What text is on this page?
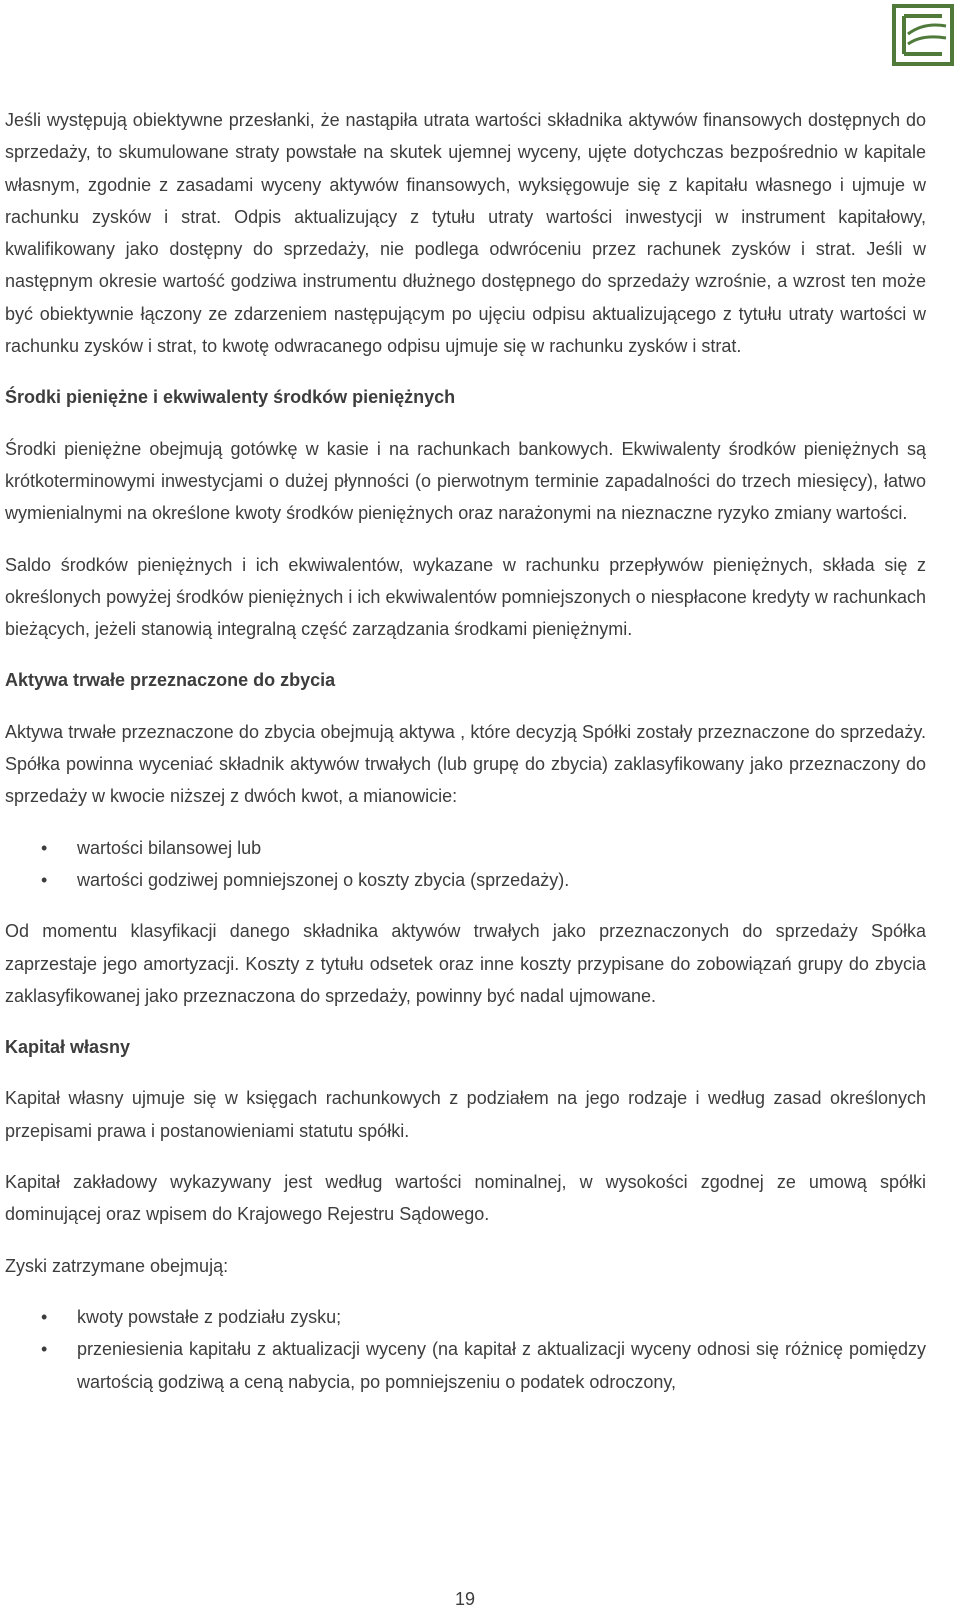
Jeśli występują obiektywne przesłanki, że nastąpiła utrata wartości składnika aktywów finansowych dostępnych do sprzedaży, to skumulowane straty powstałe na skutek ujemnej wyceny, ujęte dotychczas bezpośrednio w kapitale własnym, zgodnie z zasadami wyceny aktywów finansowych, wyksięgowuje się z kapitału własnego i ujmuje w rachunku zysków i strat. Odpis aktualizujący z tytułu utraty wartości inwestycji w instrument kapitałowy, kwalifikowany jako dostępny do sprzedaży, nie podlega odwróceniu przez rachunek zysków i strat. Jeśli w następnym okresie wartość godziwa instrumentu dłużnego dostępnego do sprzedaży wzrośnie, a wzrost ten może być obiektywnie łączony ze zdarzeniem następującym po ujęciu odpisu aktualizującego z tytułu utraty wartości w rachunku zysków i strat, to kwotę odwracanego odpisu ujmuje się w rachunku zysków i strat.

Środki pieniężne i ekwiwalenty środków pieniężnych

Środki pieniężne obejmują gotówkę w kasie i na rachunkach bankowych. Ekwiwalenty środków pieniężnych są krótkoterminowymi inwestycjami o dużej płynności (o pierwotnym terminie zapadalności do trzech miesięcy), łatwo wymienialnymi na określone kwoty środków pieniężnych oraz narażonymi na nieznaczne ryzyko zmiany wartości.

Saldo środków pieniężnych i ich ekwiwalentów, wykazane w rachunku przepływów pieniężnych, składa się z określonych powyżej środków pieniężnych i ich ekwiwalentów pomniejszonych o niespłacone kredyty w rachunkach bieżących, jeżeli stanowią integralną część zarządzania środkami pieniężnymi.

Aktywa trwałe przeznaczone do zbycia

Aktywa trwałe przeznaczone do zbycia obejmują aktywa , które decyzją Spółki zostały przeznaczone do sprzedaży. Spółka powinna wyceniać składnik aktywów trwałych (lub grupę do zbycia) zaklasyfikowany jako przeznaczony do sprzedaży w kwocie niższej z dwóch kwot, a mianowicie:

• wartości bilansowej lub
• wartości godziwej pomniejszonej o koszty zbycia (sprzedaży).

Od momentu klasyfikacji danego składnika aktywów trwałych jako przeznaczonych do sprzedaży Spółka zaprzestaje jego amortyzacji. Koszty z tytułu odsetek oraz inne koszty przypisane do zobowiązań grupy do zbycia zaklasyfikowanej jako przeznaczona do sprzedaży, powinny być nadal ujmowane.

Kapitał własny

Kapitał własny ujmuje się w księgach rachunkowych z podziałem na jego rodzaje i według zasad określonych przepisami prawa i postanowieniami statutu spółki.

Kapitał zakładowy wykazywany jest według wartości nominalnej, w wysokości zgodnej ze umową spółki dominującej oraz wpisem do Krajowego Rejestru Sądowego.

Zyski zatrzymane obejmują:

• kwoty powstałe z podziału zysku;
• przeniesienia kapitału z aktualizacji wyceny (na kapitał z aktualizacji wyceny odnosi się różnicę pomiędzy wartością godziwą a ceną nabycia, po pomniejszeniu o podatek odroczony,
19
